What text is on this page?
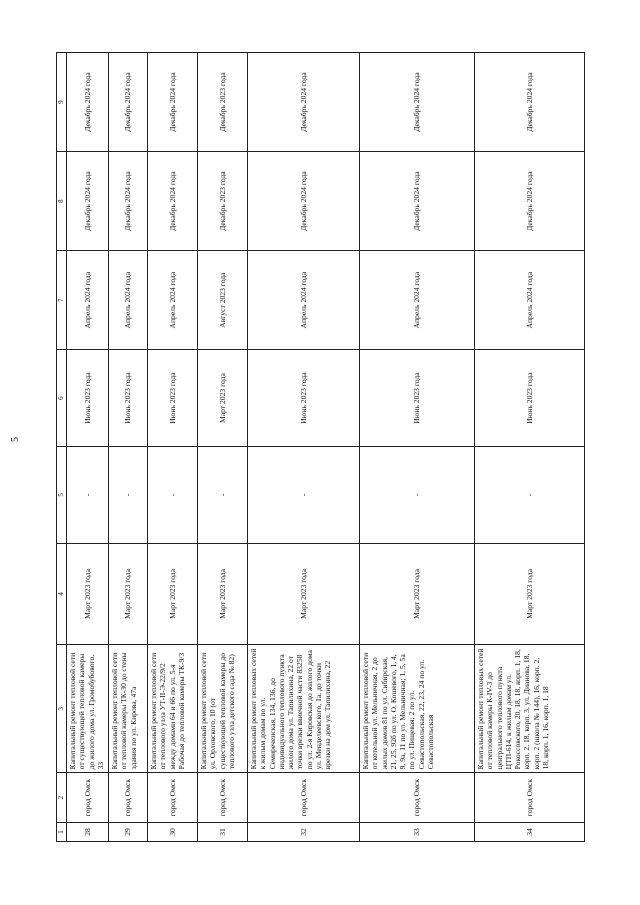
5
1	2	3	4	5	6	7	8	9
28	город Омск	Капитальный ремонт тепловой сети от существующей тепловой камеры до жилого дома ул. Громобубового, 33	Март 2023 года	-	Июнь 2023 года	Апрель 2024 года	Декабрь 2024 года	Декабрь 2024 года
29	город Омск	Капитальный ремонт тепловой сети от тепловой камеры ТК-30 до стены здания по ул. Кирова, 47а	Март 2023 года	-	Июнь 2023 года	Апрель 2024 года	Декабрь 2024 года	Декабрь 2024 года
30	город Омск	Капитальный ремонт тепловой сети от теплового узла УТ-II-Э-22/9/2 между домами 64 и 66 по ул. 5-я Рабочая до тепловой камеры ТК-9/3	Март 2023 года	-	Июнь 2023 года	Апрель 2024 года	Декабрь 2024 года	Декабрь 2024 года
31	город Омск	Капитальный ремонт тепловой сети ул. Орловского, 10 (от существующей тепловой камеры до теплового узла детского сада № 82)	Март 2023 года	-	Март 2023 года	Август 2023 года	Декабрь 2023 года	Декабрь 2023 года
32	город Омск	Капитальный ремонт тепловых сетей к жилым домам по ул. Семиреченская, 134, 136, до индивидуального теплового пункта жилого дома ул. Тапилихина, 22 от точки врезки ввиечной части 83258 по ул. 2-я Кировская до жилого дома ул. Менделеевского, 1a, до точки врезки на дом ул. Тапилихина, 22	Март 2023 года	-	Июнь 2023 года	Апрель 2024 года	Декабрь 2024 года	Декабрь 2024 года
33	город Омск	Капитальный ремонт тепловой сети от котельной ул. Мельничная, 2 до жилых домов 81 по ул. Сибирская, 21, 25, 92б по ул. О. Кошевого, 1, 4, 9, 9а, 11 по ул. Мельничная; 1, 5, 5а по ул. Пищевая; 2 по ул. Севастопольская, 22, 23, 24 по ул. Севастопольская	Март 2023 года	-	Июнь 2023 года	Апрель 2024 года	Декабрь 2024 года	Декабрь 2024 года
34	город Омск	Капитальный ремонт тепловых сетей от тепловой камеры К-IV-3 до центрального теплового пункта ЦТП-614, к жилым домам ул. Рокоссовского, 20, 18, 18, корп. 1, 18, корп. 2, 18, корп. 3, ул. Дианова, 18, корп. 2 (школа № 144), 16, корп. 2, 18, корп. 1, 16, корп. 1, 18	Март 2023 года	-	Июнь 2023 года	Апрель 2024 года	Декабрь 2024 года	Декабрь 2024 года
